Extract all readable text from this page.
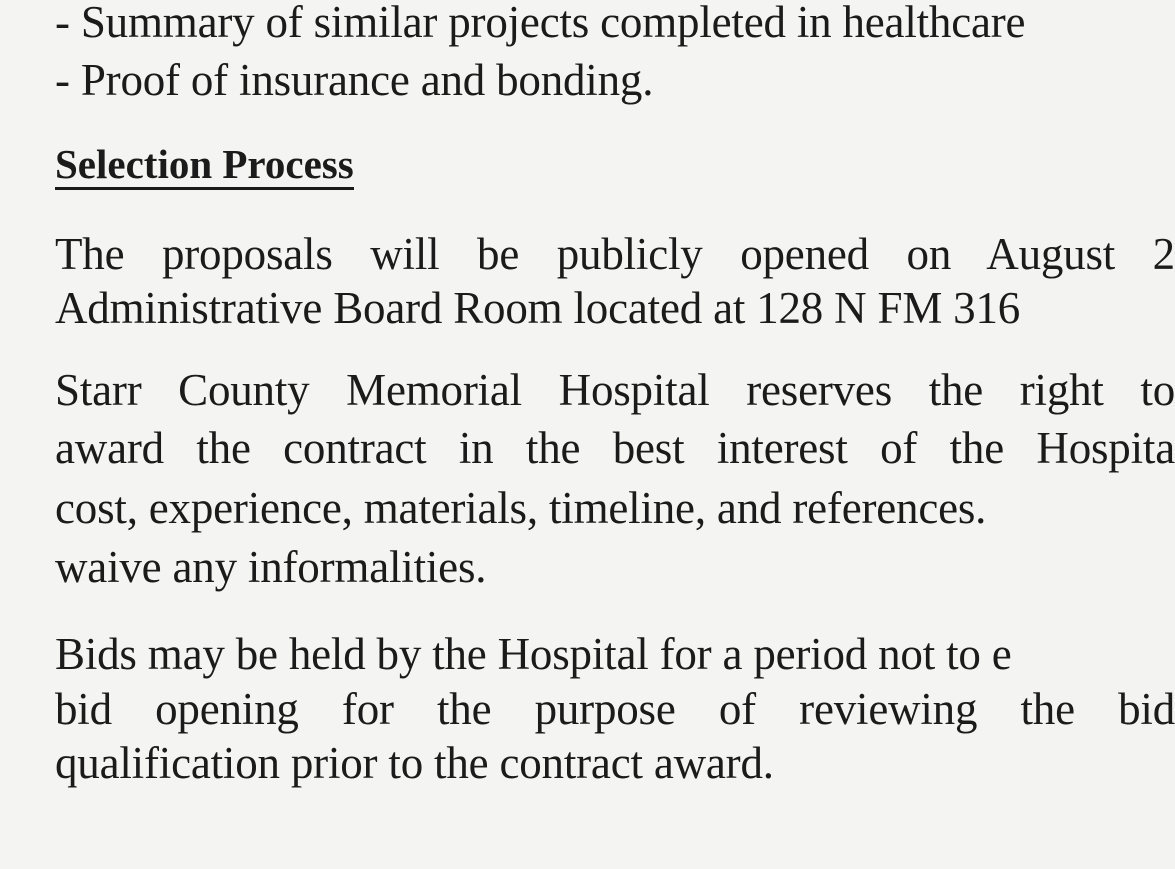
- Summary of similar projects completed in healthcare
- Proof of insurance and bonding.
Selection Process
The proposals will be publicly opened on August 2
Administrative Board Room located at 128 N FM 316
Starr County Memorial Hospital reserves the right to
award the contract in the best interest of the Hospita
cost, experience, materials, timeline, and references.
waive any informalities.
Bids may be held by the Hospital for a period not to e
bid opening for the purpose of reviewing the bid
qualification prior to the contract award.
